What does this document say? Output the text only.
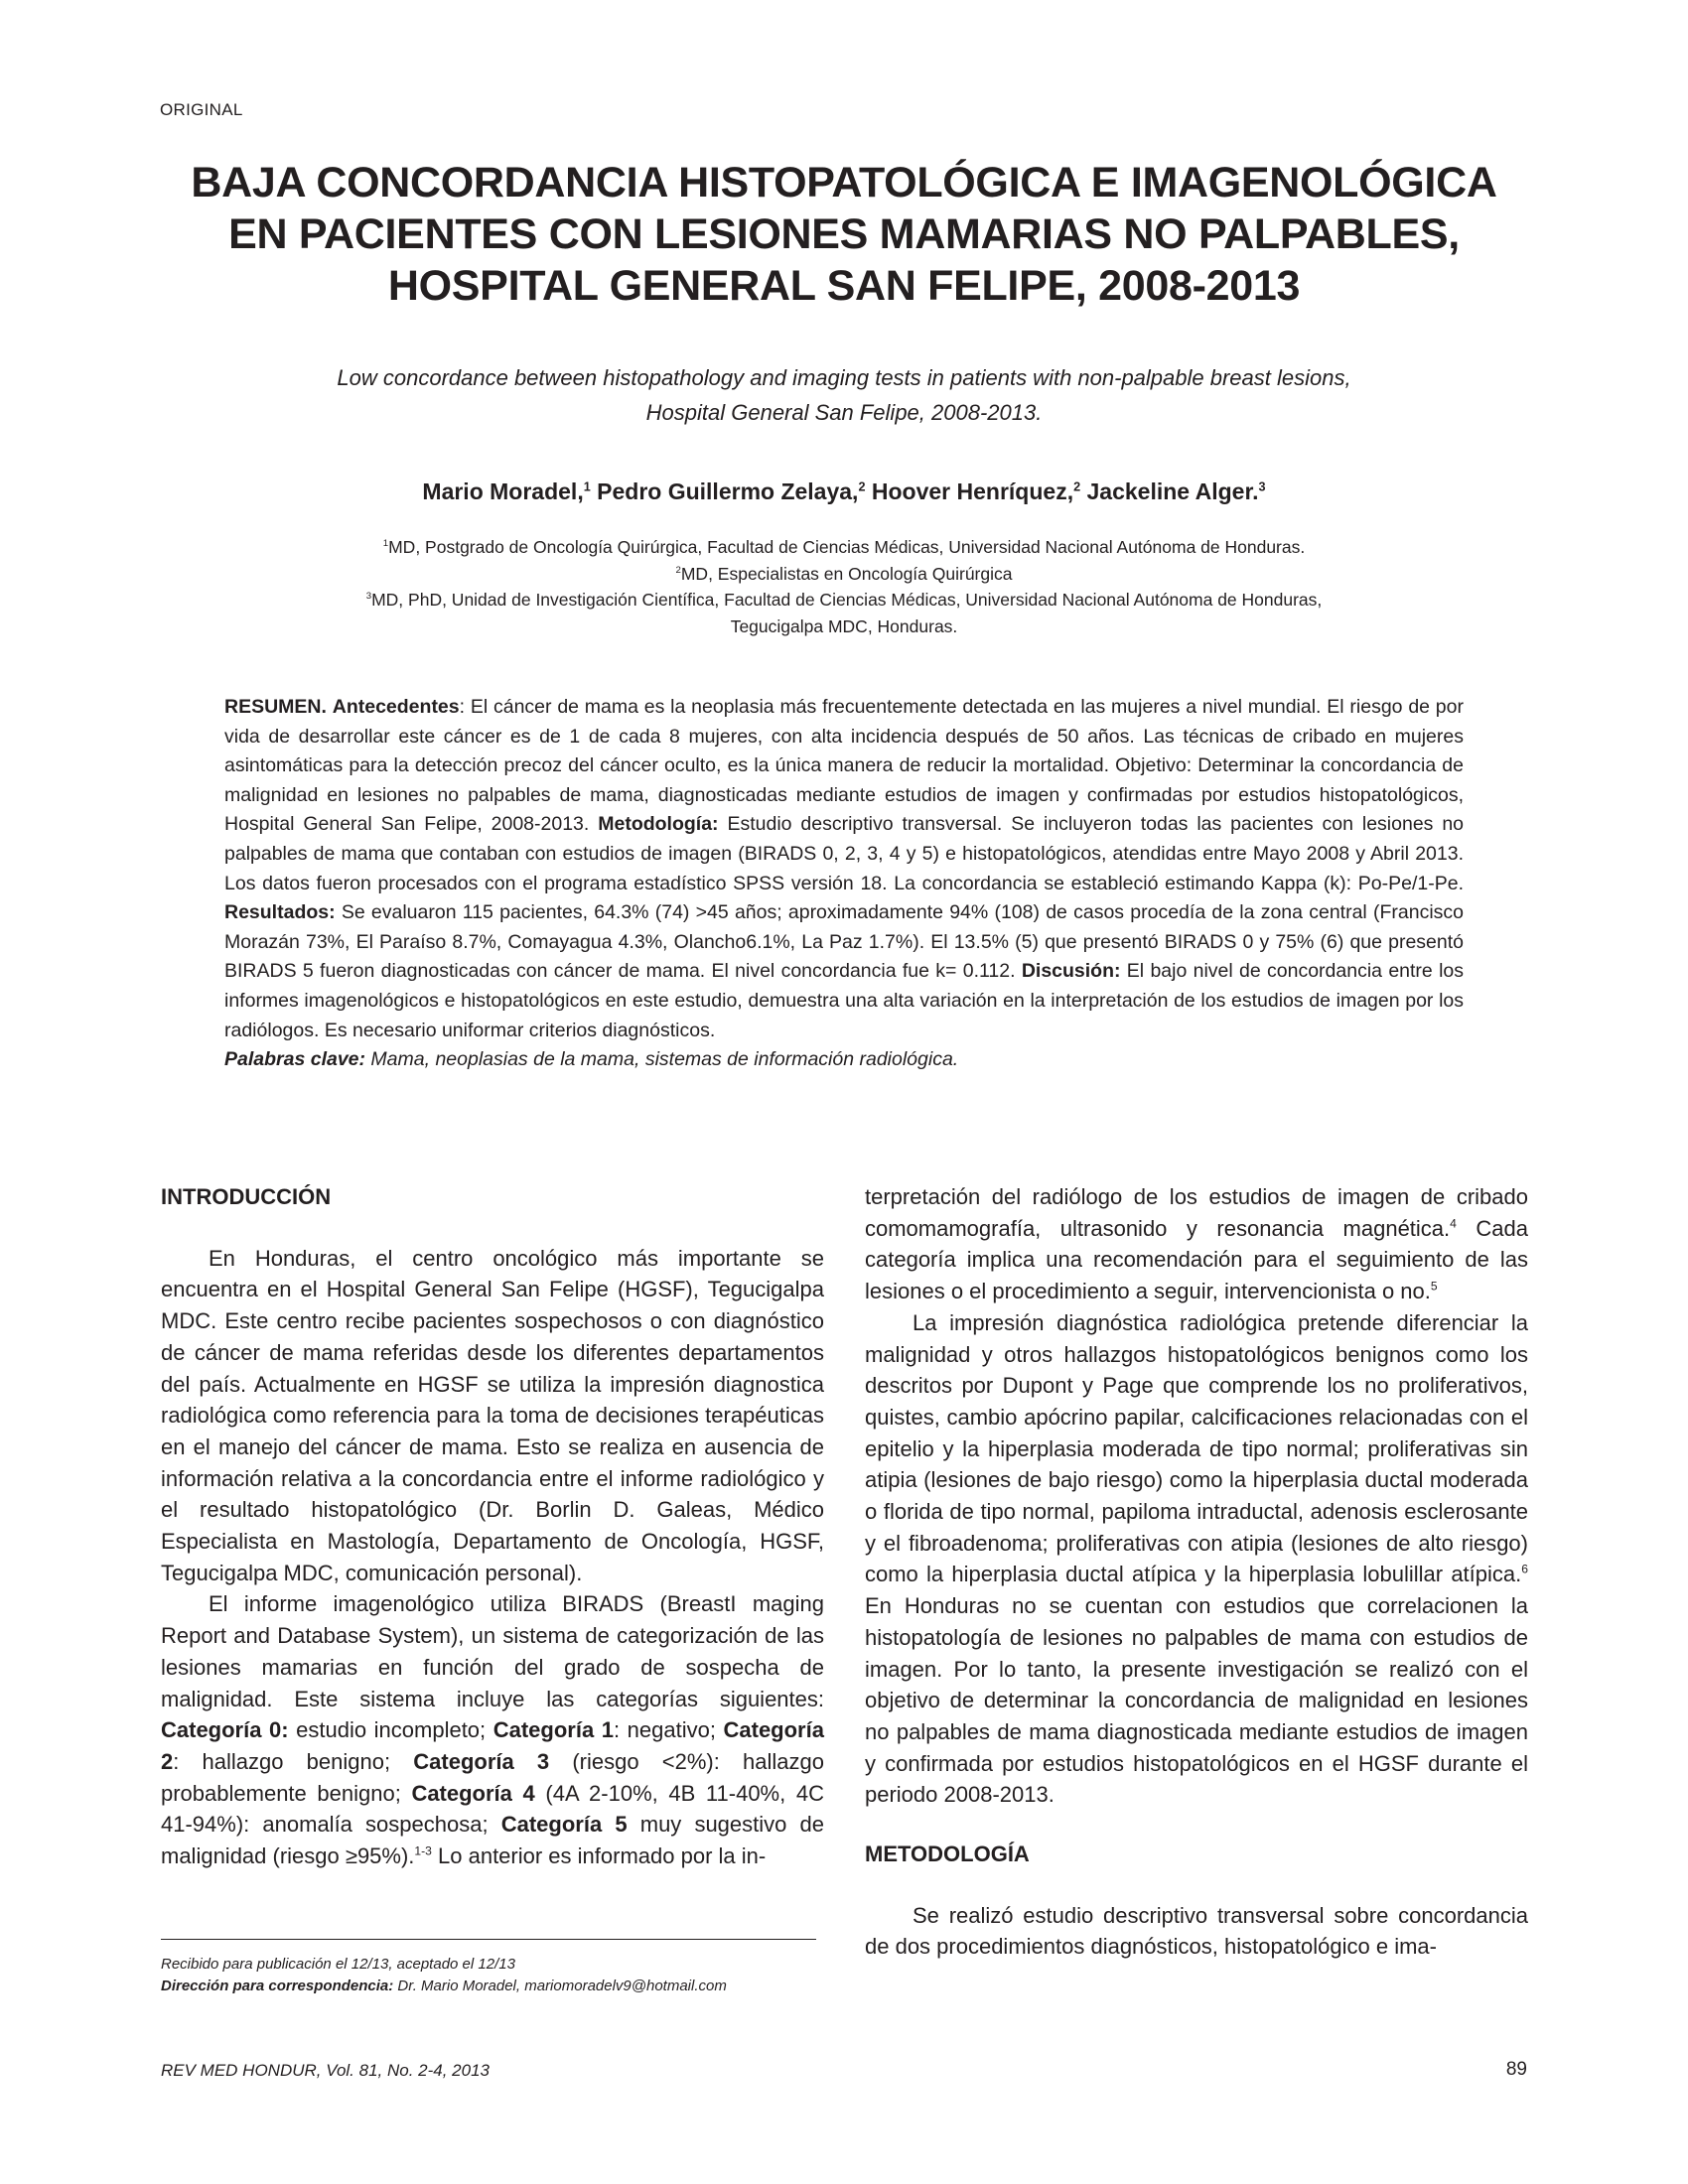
ORIGINAL
BAJA CONCORDANCIA HISTOPATOLÓGICA E IMAGENOLÓGICA
EN PACIENTES CON LESIONES MAMARIAS NO PALPABLES,
HOSPITAL GENERAL SAN FELIPE, 2008-2013
Low concordance between histopathology and imaging tests in patients with non-palpable breast lesions,
Hospital General San Felipe, 2008-2013.
Mario Moradel,$^1$ Pedro Guillermo Zelaya,$^2$ Hoover Henríquez,$^2$ Jackeline Alger.$^3$
$^1$MD, Postgrado de Oncología Quirúrgica, Facultad de Ciencias Médicas, Universidad Nacional Autónoma de Honduras.
$^2$MD, Especialistas en Oncología Quirúrgica
$^3$MD, PhD, Unidad de Investigación Científica, Facultad de Ciencias Médicas, Universidad Nacional Autónoma de Honduras,
Tegucigalpa MDC, Honduras.
RESUMEN. Antecedentes: El cáncer de mama es la neoplasia más frecuentemente detectada en las mujeres a nivel mundial. El riesgo de por vida de desarrollar este cáncer es de 1 de cada 8 mujeres, con alta incidencia después de 50 años. Las técnicas de cribado en mujeres asintomáticas para la detección precoz del cáncer oculto, es la única manera de reducir la mortalidad. Objetivo: Determinar la concordancia de malignidad en lesiones no palpables de mama, diagnosticadas mediante estudios de imagen y confirmadas por estudios histopatológicos, Hospital General San Felipe, 2008-2013. Metodología: Estudio descriptivo transversal. Se incluyeron todas las pacientes con lesiones no palpables de mama que contaban con estudios de imagen (BIRADS 0, 2, 3, 4 y 5) e histopatológicos, atendidas entre Mayo 2008 y Abril 2013. Los datos fueron procesados con el programa estadístico SPSS versión 18. La concordancia se estableció estimando Kappa (k): Po-Pe/1-Pe. Resultados: Se evaluaron 115 pacientes, 64.3% (74) >45 años; aproximadamente 94% (108) de casos procedía de la zona central (Francisco Morazán 73%, El Paraíso 8.7%, Comayagua 4.3%, Olancho6.1%, La Paz 1.7%). El 13.5% (5) que presentó BIRADS 0 y 75% (6) que presentó BIRADS 5 fueron diagnosticadas con cáncer de mama. El nivel concordancia fue k= 0.112. Discusión: El bajo nivel de concordancia entre los informes imagenológicos e histopatológicos en este estudio, demuestra una alta variación en la interpretación de los estudios de imagen por los radiólogos. Es necesario uniformar criterios diagnósticos.
Palabras clave: Mama, neoplasias de la mama, sistemas de información radiológica.
INTRODUCCIÓN

En Honduras, el centro oncológico más importante se encuentra en el Hospital General San Felipe (HGSF), Tegucigalpa MDC. Este centro recibe pacientes sospechosos o con diagnóstico de cáncer de mama referidas desde los diferentes departamentos del país. Actualmente en HGSF se utiliza la impresión diagnostica radiológica como referencia para la toma de decisiones terapéuticas en el manejo del cáncer de mama. Esto se realiza en ausencia de información relativa a la concordancia entre el informe radiológico y el resultado histopatológico (Dr. Borlin D. Galeas, Médico Especialista en Mastología, Departamento de Oncología, HGSF, Tegucigalpa MDC, comunicación personal).

El informe imagenológico utiliza BIRADS (BreastI maging Report and Database System), un sistema de categorización de las lesiones mamarias en función del grado de sospecha de malignidad. Este sistema incluye las categorías siguientes: Categoría 0: estudio incompleto; Categoría 1: negativo; Categoría 2: hallazgo benigno; Categoría 3 (riesgo <2%): hallazgo probablemente benigno; Categoría 4 (4A 2-10%, 4B 11-40%, 4C 41-94%): anomalía sospechosa; Categoría 5 muy sugestivo de malignidad (riesgo ≥95%).$^{1-3}$ Lo anterior es informado por la in-

terpretación del radiólogo de los estudios de imagen de cribado comomamografía, ultrasonido y resonancia magnética.$^4$ Cada categoría implica una recomendación para el seguimiento de las lesiones o el procedimiento a seguir, intervencionista o no.$^5$

La impresión diagnóstica radiológica pretende diferenciar la malignidad y otros hallazgos histopatológicos benignos como los descritos por Dupont y Page que comprende los no proliferativos, quistes, cambio apócrino papilar, calcificaciones relacionadas con el epitelio y la hiperplasia moderada de tipo normal; proliferativas sin atipia (lesiones de bajo riesgo) como la hiperplasia ductal moderada o florida de tipo normal, papiloma intraductal, adenosis esclerosante y el fibroadenoma; proliferativas con atipia (lesiones de alto riesgo) como la hiperplasia ductal atípica y la hiperplasia lobulillar atípica.$^6$ En Honduras no se cuentan con estudios que correlacionen la histopatología de lesiones no palpables de mama con estudios de imagen. Por lo tanto, la presente investigación se realizó con el objetivo de determinar la concordancia de malignidad en lesiones no palpables de mama diagnosticada mediante estudios de imagen y confirmada por estudios histopatológicos en el HGSF durante el periodo 2008-2013.

METODOLOGÍA

Se realizó estudio descriptivo transversal sobre concordancia de dos procedimientos diagnósticos, histopatológico e ima-

Recibido para publicación el 12/13, aceptado el 12/13
Dirección para correspondencia: Dr. Mario Moradel, mariomoradelv9@hotmail.com
REV MED HONDUR, Vol. 81, No. 2-4, 2013	89
